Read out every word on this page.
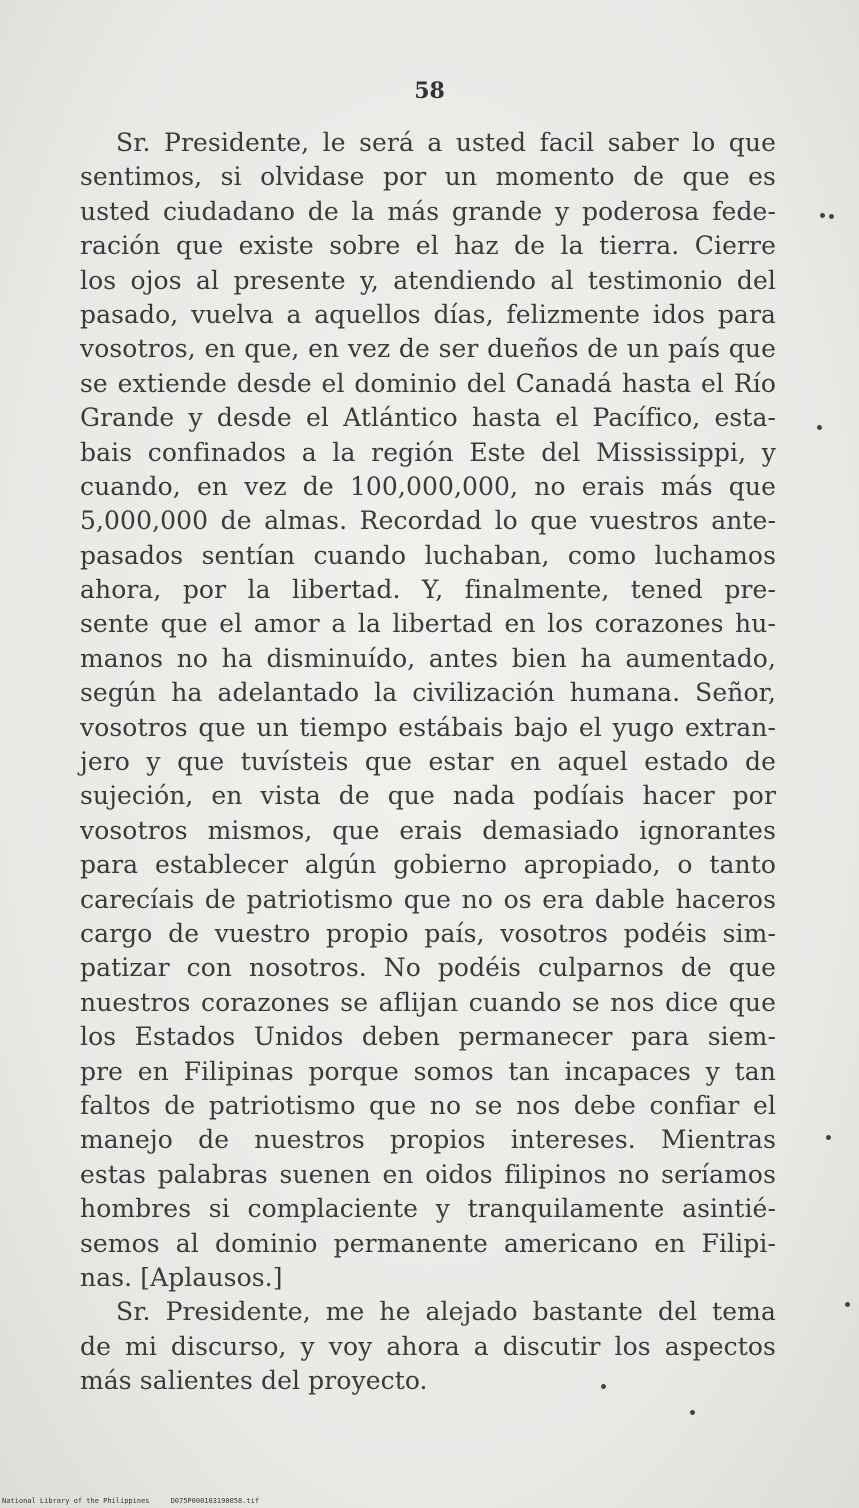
58
Sr. Presidente, le será a usted facil saber lo que
sentimos, si olvidase por un momento de que es
usted ciudadano de la más grande y poderosa fede-
ración que existe sobre el haz de la tierra. Cierre
los ojos al presente y, atendiendo al testimonio del
pasado, vuelva a aquellos días, felizmente idos para
vosotros, en que, en vez de ser dueños de un país que
se extiende desde el dominio del Canadá hasta el Río
Grande y desde el Atlántico hasta el Pacífico, esta-
bais confinados a la región Este del Mississippi, y
cuando, en vez de 100,000,000, no erais más que
5,000,000 de almas. Recordad lo que vuestros ante-
pasados sentían cuando luchaban, como luchamos
ahora, por la libertad. Y, finalmente, tened pre-
sente que el amor a la libertad en los corazones hu-
manos no ha disminuído, antes bien ha aumentado,
según ha adelantado la civilización humana. Señor,
vosotros que un tiempo estábais bajo el yugo extran-
jero y que tuvísteis que estar en aquel estado de
sujeción, en vista de que nada podíais hacer por
vosotros mismos, que erais demasiado ignorantes
para establecer algún gobierno apropiado, o tanto
carecíais de patriotismo que no os era dable haceros
cargo de vuestro propio país, vosotros podéis sim-
patizar con nosotros. No podéis culparnos de que
nuestros corazones se aflijan cuando se nos dice que
los Estados Unidos deben permanecer para siem-
pre en Filipinas porque somos tan incapaces y tan
faltos de patriotismo que no se nos debe confiar el
manejo de nuestros propios intereses. Mientras
estas palabras suenen en oidos filipinos no seríamos
hombres si complaciente y tranquilamente asintié-
semos al dominio permanente americano en Filipi-
nas. [Aplausos.]
Sr. Presidente, me he alejado bastante del tema
de mi discurso, y voy ahora a discutir los aspectos
más salientes del proyecto.
National Library of the Philippines     D075P000103190058.tif
